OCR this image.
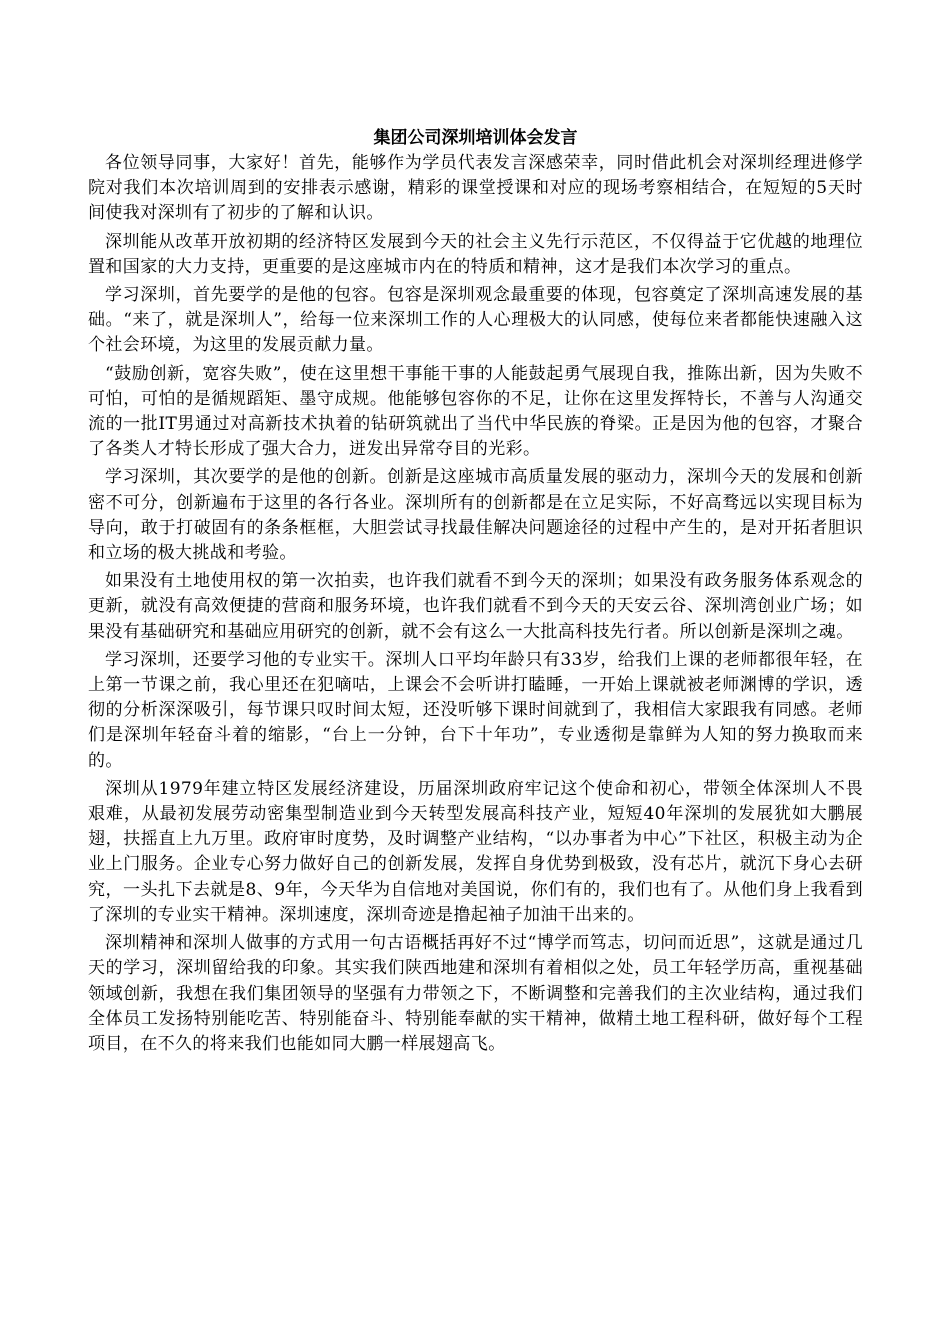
集团公司深圳培训体会发言

各位领导同事，大家好！首先，能够作为学员代表发言深感荣幸，同时借此机会对深圳经理进修学院对我们本次培训周到的安排表示感谢，精彩的课堂授课和对应的现场考察相结合，在短短的5天时间使我对深圳有了初步的了解和认识。

深圳能从改革开放初期的经济特区发展到今天的社会主义先行示范区，不仅得益于它优越的地理位置和国家的大力支持，更重要的是这座城市内在的特质和精神，这才是我们本次学习的重点。

学习深圳，首先要学的是他的包容。包容是深圳观念最重要的体现，包容奠定了深圳高速发展的基础。“来了，就是深圳人”，给每一位来深圳工作的人心理极大的认同感，使每位来者都能快速融入这个社会环境，为这里的发展贡献力量。

“鼓励创新，宽容失败”，使在这里想干事能干事的人能鼓起勇气展现自我，推陈出新，因为失败不可怕，可怕的是循规蹈矩、墨守成规。他能够包容你的不足，让你在这里发挥特长，不善与人沟通交流的一批IT男通过对高新技术执着的钻研筑就出了当代中华民族的脊梁。正是因为他的包容，才聚合了各类人才特长形成了强大合力，迸发出异常夺目的光彩。

学习深圳，其次要学的是他的创新。创新是这座城市高质量发展的驱动力，深圳今天的发展和创新密不可分，创新遍布于这里的各行各业。深圳所有的创新都是在立足实际，不好高骛远以实现目标为导向，敢于打破固有的条条框框，大胆尝试寻找最佳解决问题途径的过程中产生的，是对开拓者胆识和立场的极大挑战和考验。

如果没有土地使用权的第一次拍卖，也许我们就看不到今天的深圳；如果没有政务服务体系观念的更新，就没有高效便捷的营商和服务环境，也许我们就看不到今天的天安云谷、深圳湾创业广场；如果没有基础研究和基础应用研究的创新，就不会有这么一大批高科技先行者。所以创新是深圳之魂。

学习深圳，还要学习他的专业实干。深圳人口平均年龄只有33岁，给我们上课的老师都很年轻，在上第一节课之前，我心里还在犯嘀咕，上课会不会听讲打瞌睡，一开始上课就被老师渊博的学识，透彻的分析深深吸引，每节课只叹时间太短，还没听够下课时间就到了，我相信大家跟我有同感。老师们是深圳年轻奋斗着的缩影，“台上一分钟，台下十年功”，专业透彻是靠鲜为人知的努力换取而来的。

深圳从1979年建立特区发展经济建设，历届深圳政府牢记这个使命和初心，带领全体深圳人不畏艰难，从最初发展劳动密集型制造业到今天转型发展高科技产业，短短40年深圳的发展犹如大鹏展翅，扶摇直上九万里。政府审时度势，及时调整产业结构，“以办事者为中心”下社区，积极主动为企业上门服务。企业专心努力做好自己的创新发展，发挥自身优势到极致，没有芯片，就沉下身心去研究，一头扎下去就是8、9年，今天华为自信地对美国说，你们有的，我们也有了。从他们身上我看到了深圳的专业实干精神。深圳速度，深圳奇迹是撸起袖子加油干出来的。

深圳精神和深圳人做事的方式用一句古语概括再好不过“博学而笃志，切问而近思”，这就是通过几天的学习，深圳留给我的印象。其实我们陕西地建和深圳有着相似之处，员工年轻学历高，重视基础领域创新，我想在我们集团领导的坚强有力带领之下，不断调整和完善我们的主次业结构，通过我们全体员工发扬特别能吃苦、特别能奋斗、特别能奉献的实干精神，做精土地工程科研，做好每个工程项目，在不久的将来我们也能如同大鹏一样展翅高飞。
